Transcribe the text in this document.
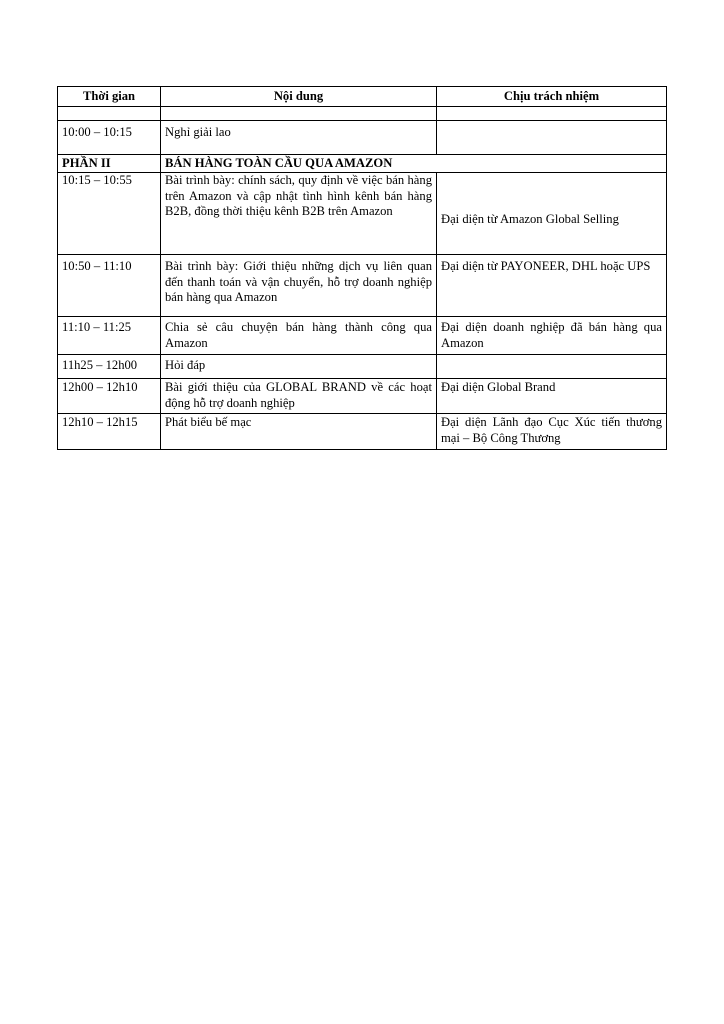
Thời gian	Nội dung	Chịu trách nhiệm

10:00 – 10:15	Nghỉ giải lao	
PHẦN II	BÁN HÀNG TOÀN CẦU QUA AMAZON	
10:15 – 10:55	Bài trình bày: chính sách, quy định về việc bán hàng trên Amazon và cập nhật tình hình kênh bán hàng B2B, đồng thời thiệu kênh B2B trên Amazon	Đại diện từ Amazon Global Selling
10:50 – 11:10	Bài trình bày: Giới thiệu những dịch vụ liên quan đến thanh toán và vận chuyển, hỗ trợ doanh nghiệp bán hàng qua Amazon	Đại diện từ PAYONEER, DHL hoặc UPS
11:10 – 11:25	Chia sẻ câu chuyện bán hàng thành công qua Amazon	Đại diện doanh nghiệp đã bán hàng qua Amazon
11h25 – 12h00	Hỏi đáp	
12h00 – 12h10	Bài giới thiệu của GLOBAL BRAND về các hoạt động hỗ trợ doanh nghiệp	Đại diện Global Brand
12h10 – 12h15	Phát biểu bế mạc	Đại diện Lãnh đạo Cục Xúc tiến thương mại – Bộ Công Thương
